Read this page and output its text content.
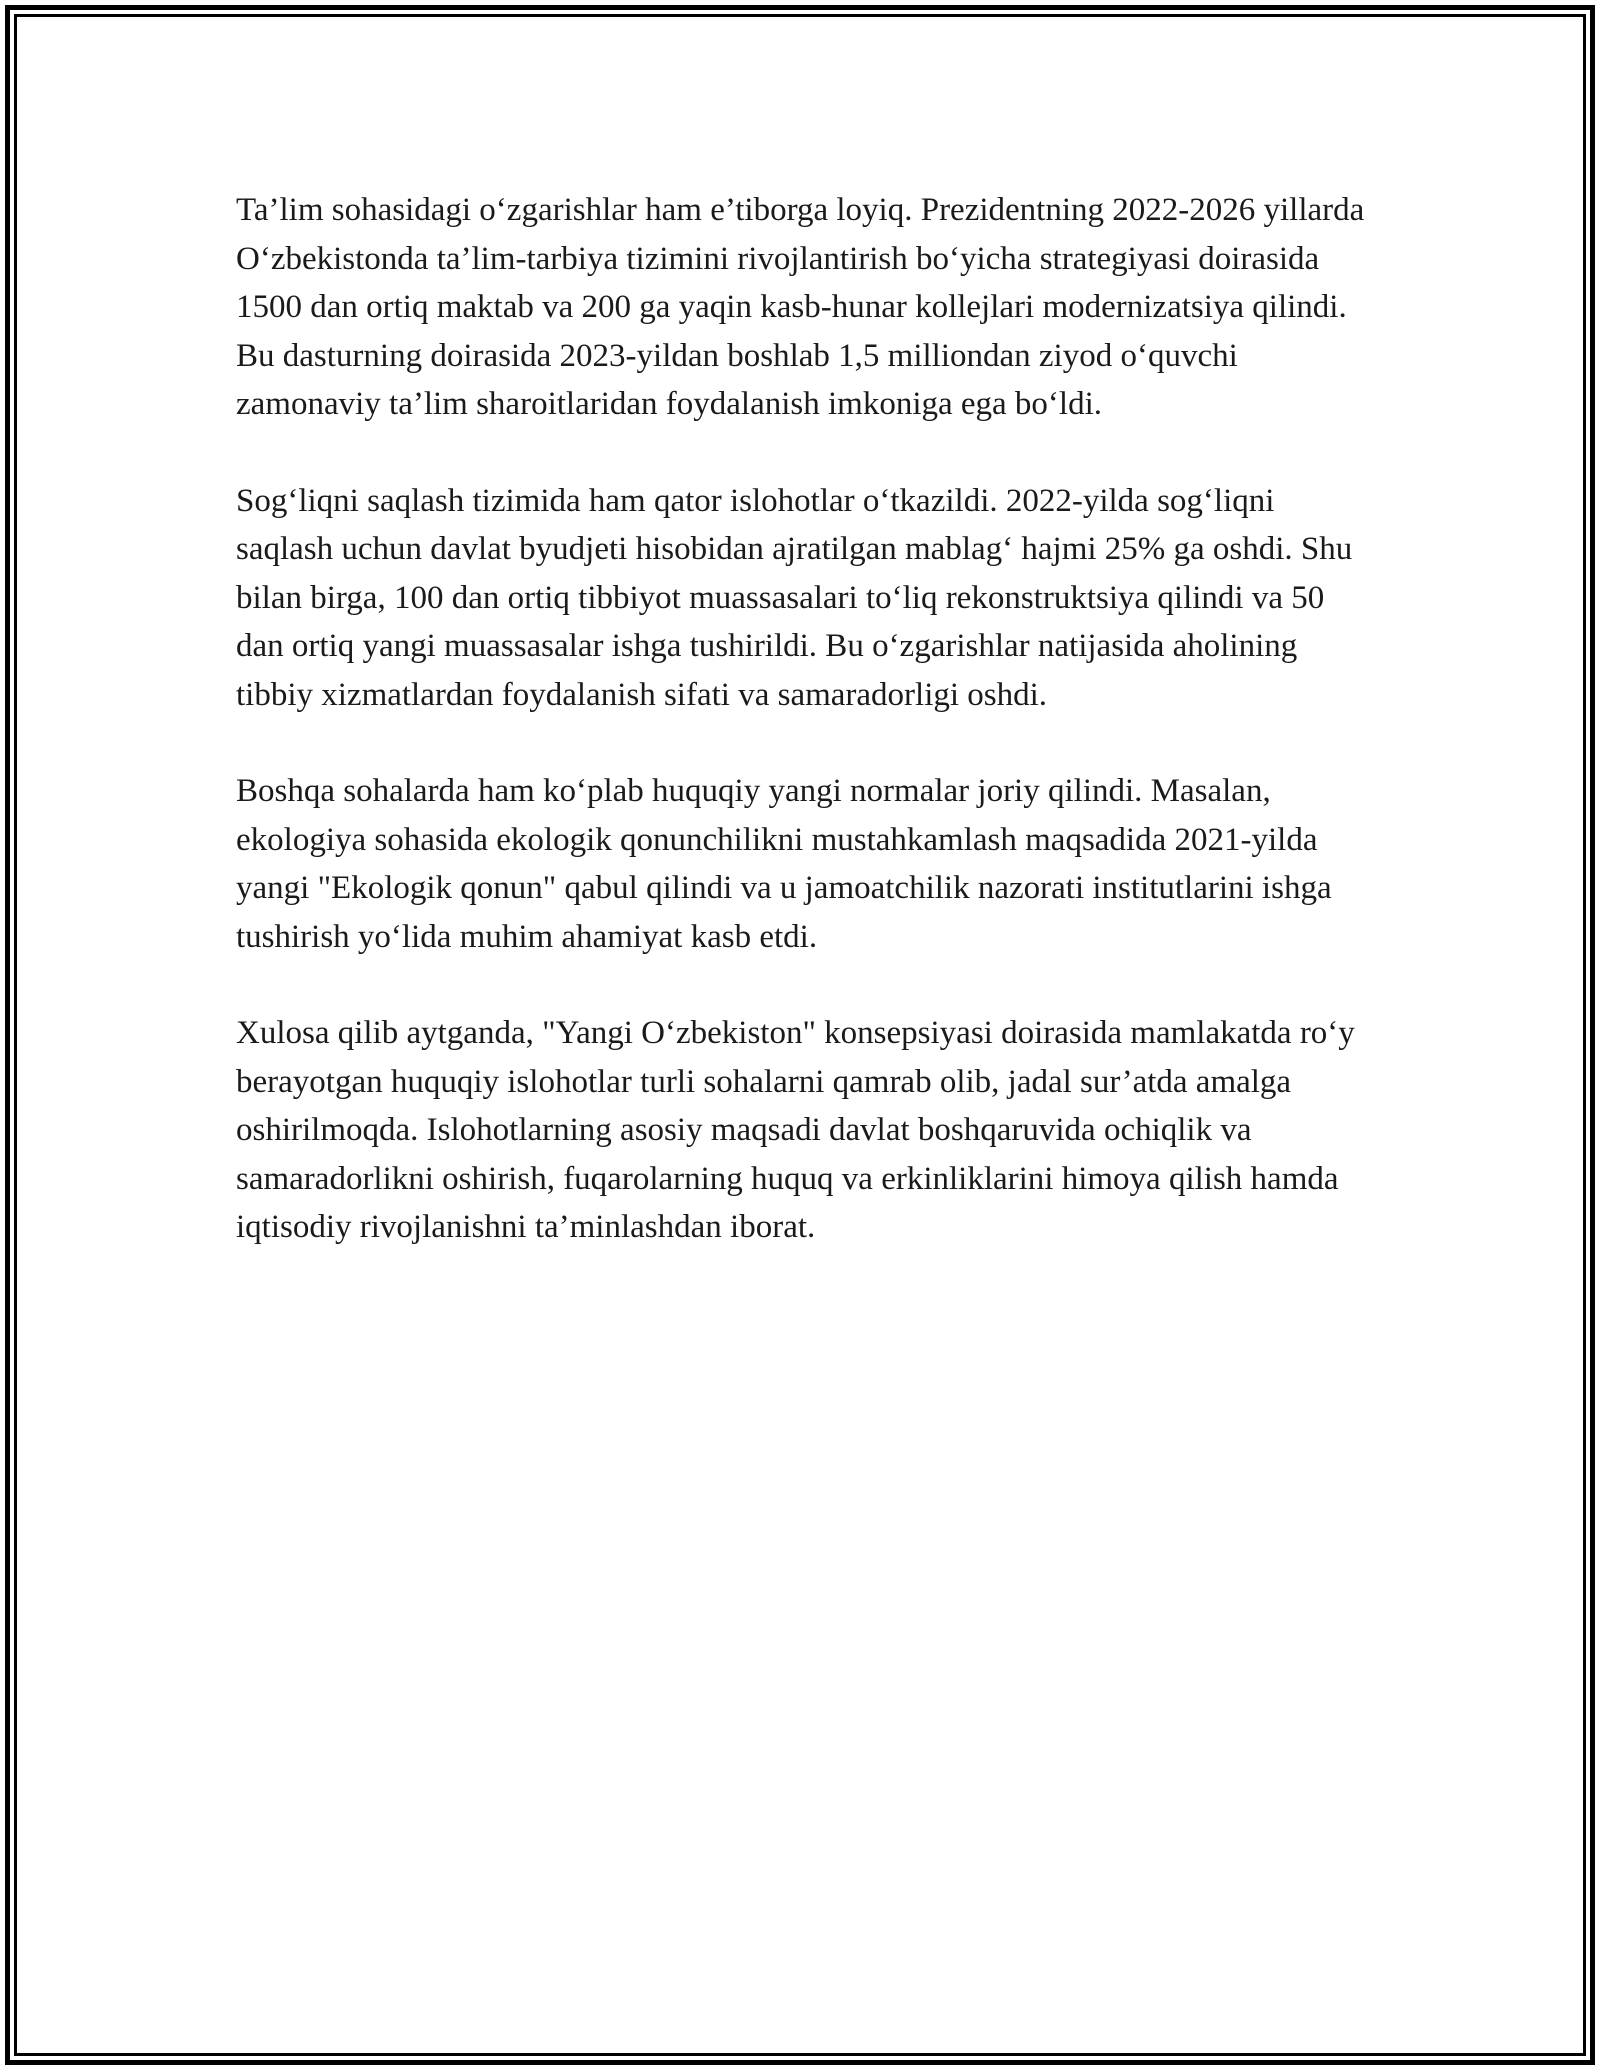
Ta’lim sohasidagi o‘zgarishlar ham e’tiborga loyiq. Prezidentning 2022-2026 yillarda O‘zbekistonda ta’lim-tarbiya tizimini rivojlantirish bo‘yicha strategiyasi doirasida 1500 dan ortiq maktab va 200 ga yaqin kasb-hunar kollejlari modernizatsiya qilindi. Bu dasturning doirasida 2023-yildan boshlab 1,5 milliondan ziyod o‘quvchi zamonaviy ta’lim sharoitlaridan foydalanish imkoniga ega bo‘ldi.

Sog‘liqni saqlash tizimida ham qator islohotlar o‘tkazildi. 2022-yilda sog‘liqni saqlash uchun davlat byudjeti hisobidan ajratilgan mablag‘ hajmi 25% ga oshdi. Shu bilan birga, 100 dan ortiq tibbiyot muassasalari to‘liq rekonstruktsiya qilindi va 50 dan ortiq yangi muassasalar ishga tushirildi. Bu o‘zgarishlar natijasida aholining tibbiy xizmatlardan foydalanish sifati va samaradorligi oshdi.

Boshqa sohalarda ham ko‘plab huquqiy yangi normalar joriy qilindi. Masalan, ekologiya sohasida ekologik qonunchilikni mustahkamlash maqsadida 2021-yilda yangi "Ekologik qonun" qabul qilindi va u jamoatchilik nazorati institutlarini ishga tushirish yo‘lida muhim ahamiyat kasb etdi.

Xulosa qilib aytganda, "Yangi O‘zbekiston" konsepsiyasi doirasida mamlakatda ro‘y berayotgan huquqiy islohotlar turli sohalarni qamrab olib, jadal sur’atda amalga oshirilmoqda. Islohotlarning asosiy maqsadi davlat boshqaruvida ochiqlik va samaradorlikni oshirish, fuqarolarning huquq va erkinliklarini himoya qilish hamda iqtisodiy rivojlanishni ta’minlashdan iborat.
